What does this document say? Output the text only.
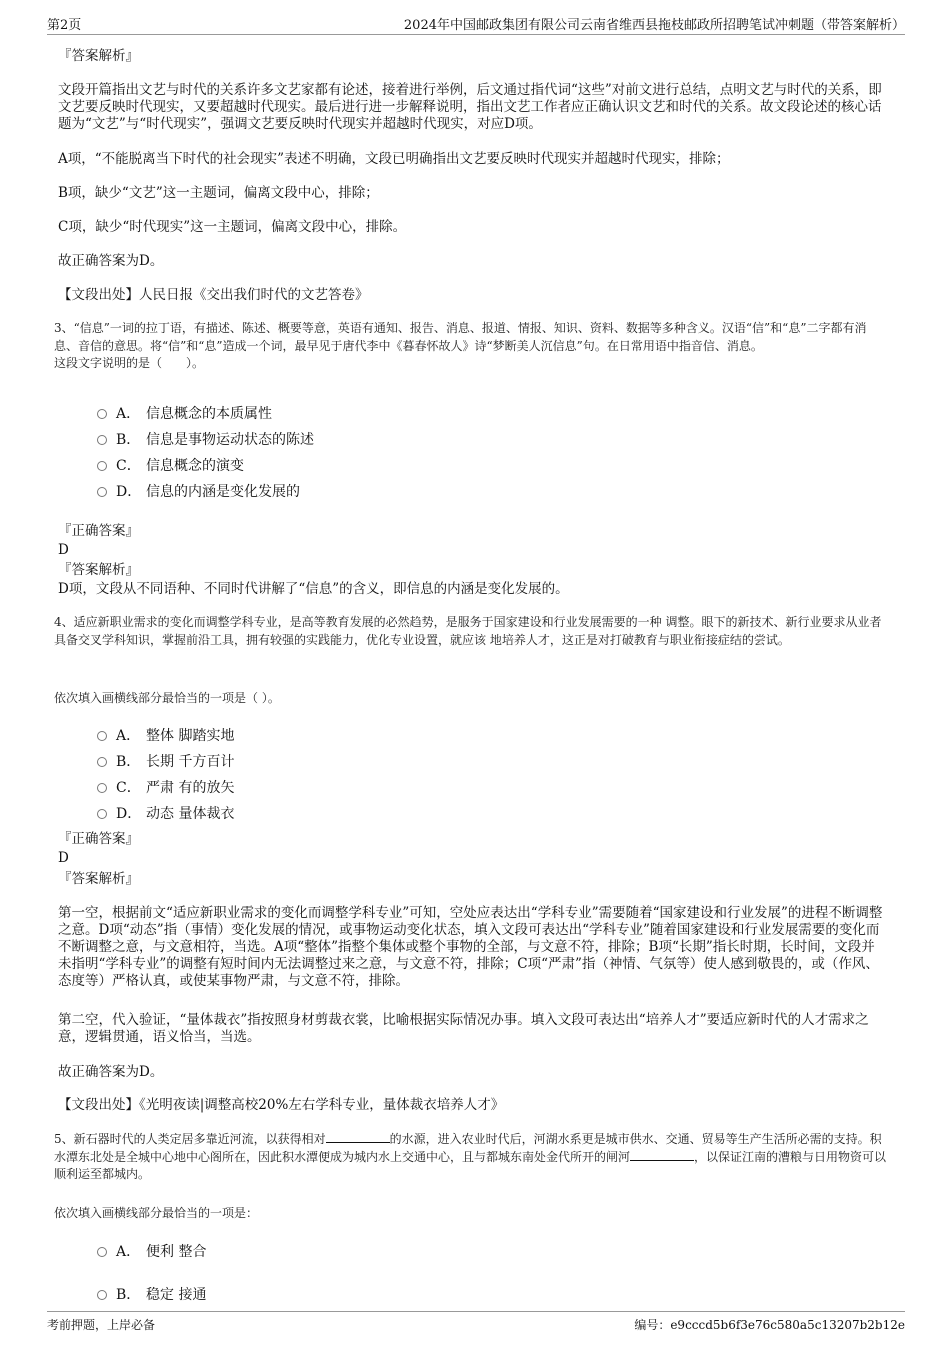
第2页	2024年中国邮政集团有限公司云南省维西县拖枝邮政所招聘笔试冲刺题（带答案解析）
『答案解析』
文段开篇指出文艺与时代的关系许多文艺家都有论述，接着进行举例，后文通过指代词“这些”对前文进行总结，点明文艺与时代的关系，即文艺要反映时代现实，又要超越时代现实。最后进行进一步解释说明，指出文艺工作者应正确认识文艺和时代的关系。故文段论述的核心话题为“文艺”与“时代现实”，强调文艺要反映时代现实并超越时代现实，对应D项。
A项，“不能脱离当下时代的社会现实”表述不明确，文段已明确指出文艺要反映时代现实并超越时代现实，排除；
B项，缺少“文艺”这一主题词，偏离文段中心，排除；
C项，缺少“时代现实”这一主题词，偏离文段中心，排除。
故正确答案为D。
【文段出处】人民日报《交出我们时代的文艺答卷》
3、“信息”一词的拉丁语，有描述、陈述、概要等意，英语有通知、报告、消息、报道、情报、知识、资料、数据等多种含义。汉语“信”和“息”二字都有消息、音信的意思。将“信”和“息”造成一个词，最早见于唐代李中《暮春怀故人》诗“梦断美人沉信息”句。在日常用语中指音信、消息。
这段文字说明的是（　　）。
A． 信息概念的本质属性
B． 信息是事物运动状态的陈述
C． 信息概念的演变
D． 信息的内涵是变化发展的
『正确答案』
D
『答案解析』
D项，文段从不同语种、不同时代讲解了“信息”的含义，即信息的内涵是变化发展的。
4、适应新职业需求的变化而调整学科专业，是高等教育发展的必然趋势，是服务于国家建设和行业发展需要的一种 调整。眼下的新技术、新行业要求从业者具备交叉学科知识，掌握前沿工具，拥有较强的实践能力，优化专业设置，就应该 地培养人才，这正是对打破教育与职业衔接症结的尝试。
依次填入画横线部分最恰当的一项是（ ）。
A． 整体 脚踏实地
B． 长期 千方百计
C． 严肃 有的放矢
D． 动态 量体裁衣
『正确答案』
D
『答案解析』
第一空，根据前文“适应新职业需求的变化而调整学科专业”可知，空处应表达出“学科专业”需要随着“国家建设和行业发展”的进程不断调整之意。D项“动态”指（事情）变化发展的情况，或事物运动变化状态，填入文段可表达出“学科专业”随着国家建设和行业发展需要的变化而不断调整之意，与文意相符，当选。A项“整体”指整个集体或整个事物的全部，与文意不符，排除；B项“长期”指长时期，长时间，文段并未指明“学科专业”的调整有短时间内无法调整过来之意，与文意不符，排除；C项“严肃”指（神情、气氛等）使人感到敬畏的，或（作风、态度等）严格认真，或使某事物严肃，与文意不符，排除。
第二空，代入验证，“量体裁衣”指按照身材剪裁衣裳，比喻根据实际情况办事。填入文段可表达出“培养人才”要适应新时代的人才需求之意，逻辑贯通，语义恰当，当选。
故正确答案为D。
【文段出处】《光明夜读|调整高校20%左右学科专业，量体裁衣培养人才》
5、新石器时代的人类定居多靠近河流，以获得相对	的水源，进入农业时代后，河湖水系更是城市供水、交通、贸易等生产生活所必需的支持。积水潭东北处是全城中心地中心阁所在，因此积水潭便成为城内水上交通中心，且与都城东南处金代所开的闸河	，以保证江南的漕粮与日用物资可以顺利运至都城内。
依次填入画横线部分最恰当的一项是：
A． 便利 整合
B． 稳定 接通
考前押题，上岸必备	编号：e9cccd5b6f3e76c580a5c13207b2b12e
